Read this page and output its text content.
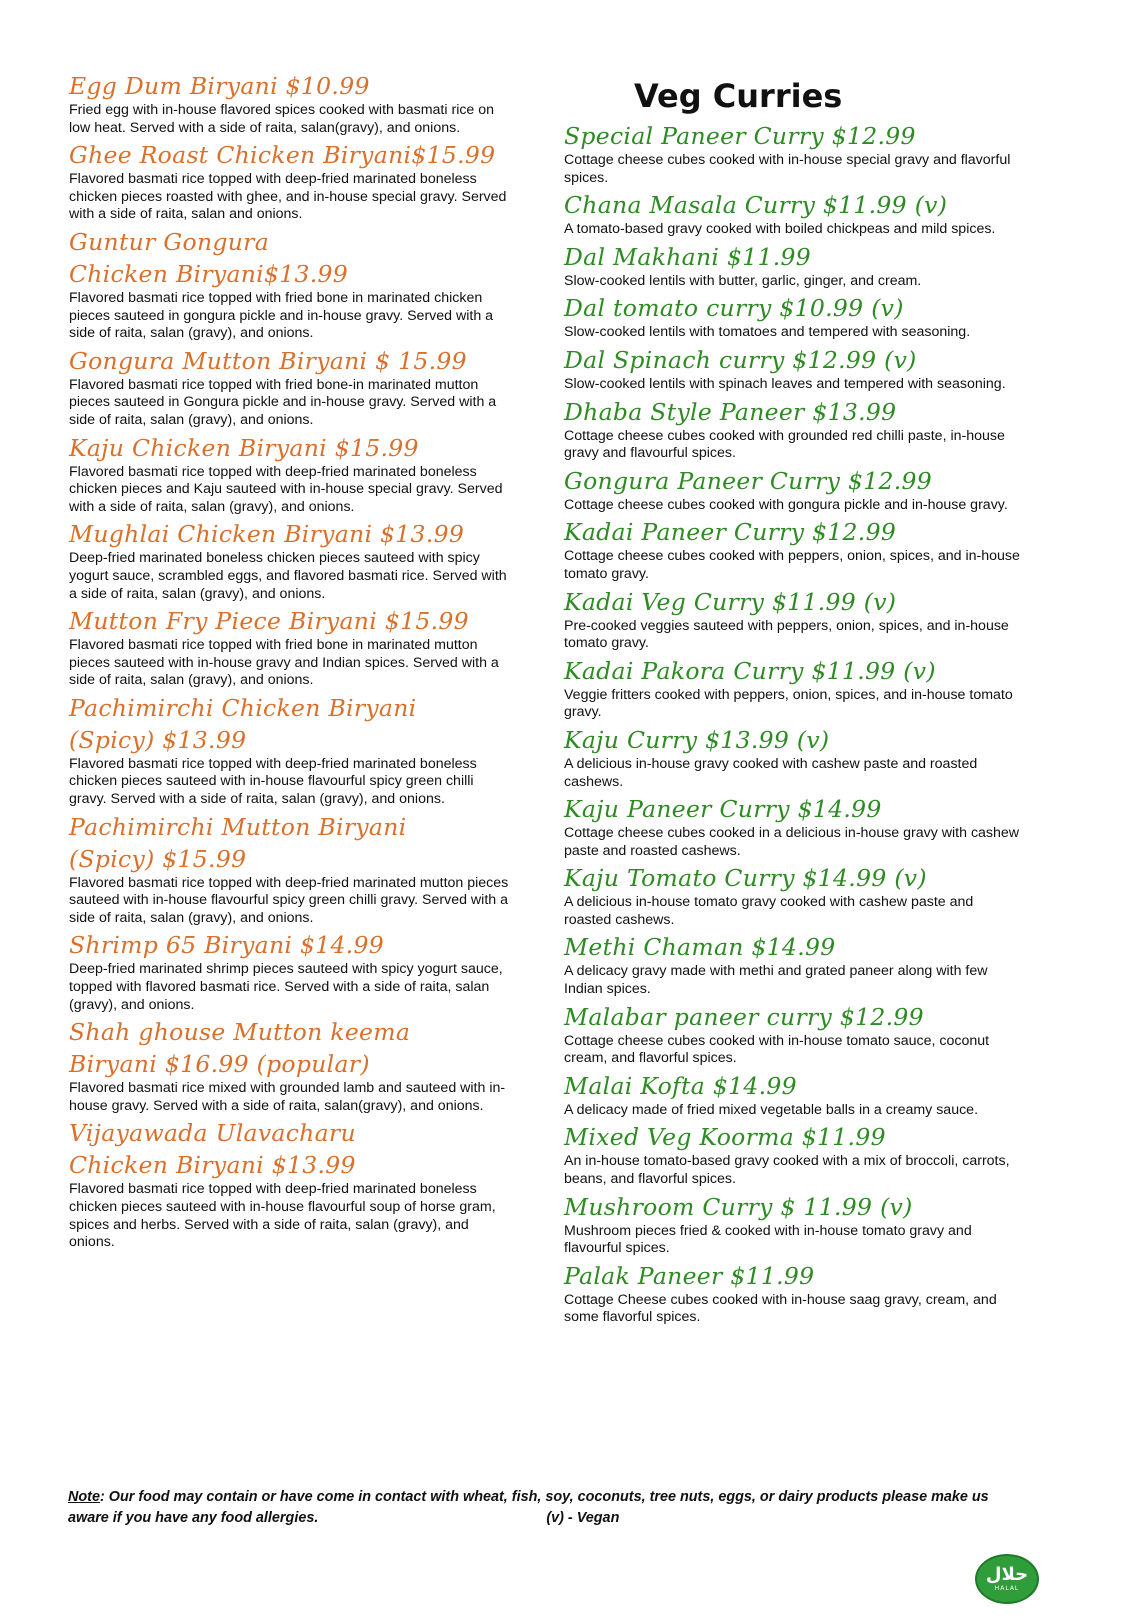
Egg Dum Biryani $10.99

Fried egg with in-house flavored spices cooked with basmati rice on low heat. Served with a side of raita, salan(gravy), and onions.

Ghee Roast Chicken Biryani$15.99

Flavored basmati rice topped with deep-fried marinated boneless chicken pieces roasted with ghee, and in-house special gravy. Served with a side of raita, salan and onions.

Guntur Gongura Chicken Biryani$13.99

Flavored basmati rice topped with fried bone in marinated chicken pieces sauteed in gongura pickle and in-house gravy. Served with a side of raita, salan (gravy), and onions.

Gongura Mutton Biryani $ 15.99

Flavored basmati rice topped with fried bone-in marinated mutton pieces sauteed in Gongura pickle and in-house gravy. Served with a side of raita, salan (gravy), and onions.

Kaju Chicken Biryani $15.99

Flavored basmati rice topped with deep-fried marinated boneless chicken pieces and Kaju sauteed with in-house special gravy. Served with a side of raita, salan (gravy), and onions.

Mughlai Chicken Biryani $13.99

Deep-fried marinated boneless chicken pieces sauteed with spicy yogurt sauce, scrambled eggs, and flavored basmati rice. Served with a side of raita, salan (gravy), and onions.

Mutton Fry Piece Biryani $15.99

Flavored basmati rice topped with fried bone in marinated mutton pieces sauteed with in-house gravy and Indian spices. Served with a side of raita, salan (gravy), and onions.

Pachimirchi Chicken Biryani (Spicy) $13.99

Flavored basmati rice topped with deep-fried marinated boneless chicken pieces sauteed with in-house flavourful spicy green chilli gravy. Served with a side of raita, salan (gravy), and onions.

Pachimirchi Mutton Biryani (Spicy) $15.99

Flavored basmati rice topped with deep-fried marinated mutton pieces sauteed with in-house flavourful spicy green chilli gravy. Served with a side of raita, salan (gravy), and onions.

Shrimp 65 Biryani $14.99

Deep-fried marinated shrimp pieces sauteed with spicy yogurt sauce, topped with flavored basmati rice. Served with a side of raita, salan (gravy), and onions.

Shah ghouse Mutton keema Biryani $16.99 (popular)

Flavored basmati rice mixed with grounded lamb and sauteed with in-house gravy. Served with a side of raita, salan(gravy), and onions.

Vijayawada Ulavacharu Chicken Biryani $13.99

Flavored basmati rice topped with deep-fried marinated boneless chicken pieces sauteed with in-house flavourful soup of horse gram, spices and herbs. Served with a side of raita, salan (gravy), and onions.

Veg Curries
Special Paneer Curry $12.99

Cottage cheese cubes cooked with in-house special gravy and flavorful spices.

Chana Masala Curry $11.99 (v)

A tomato-based gravy cooked with boiled chickpeas and mild spices.

Dal Makhani $11.99

Slow-cooked lentils with butter, garlic, ginger, and cream.

Dal tomato curry $10.99 (v)

Slow-cooked lentils with tomatoes and tempered with seasoning.

Dal Spinach curry $12.99 (v)

Slow-cooked lentils with spinach leaves and tempered with seasoning.

Dhaba Style Paneer $13.99

Cottage cheese cubes cooked with grounded red chilli paste, in-house gravy and flavourful spices.

Gongura Paneer Curry $12.99

Cottage cheese cubes cooked with gongura pickle and in-house gravy.

Kadai Paneer Curry $12.99

Cottage cheese cubes cooked with peppers, onion, spices, and in-house tomato gravy.

Kadai Veg Curry $11.99 (v)

Pre-cooked veggies sauteed with peppers, onion, spices, and in-house tomato gravy.

Kadai Pakora Curry $11.99 (v)

Veggie fritters cooked with peppers, onion, spices, and in-house tomato gravy.

Kaju Curry $13.99 (v)

A delicious in-house gravy cooked with cashew paste and roasted cashews.

Kaju Paneer Curry $14.99

Cottage cheese cubes cooked in a delicious in-house gravy with cashew paste and roasted cashews.

Kaju Tomato Curry $14.99 (v)

A delicious in-house tomato gravy cooked with cashew paste and roasted cashews.

Methi Chaman $14.99

A delicacy gravy made with methi and grated paneer along with few Indian spices.

Malabar paneer curry $12.99

Cottage cheese cubes cooked with in-house tomato sauce, coconut cream, and flavorful spices.

Malai Kofta $14.99

A delicacy made of fried mixed vegetable balls in a creamy sauce.

Mixed Veg Koorma $11.99

An in-house tomato-based gravy cooked with a mix of broccoli, carrots, beans, and flavorful spices.

Mushroom Curry $ 11.99 (v)

Mushroom pieces fried & cooked with in-house tomato gravy and flavourful spices.

Palak Paneer $11.99

Cottage Cheese cubes cooked with in-house saag gravy, cream, and some flavorful spices.

Note: Our food may contain or have come in contact with wheat, fish, soy, coconuts, tree nuts, eggs, or dairy products please make us aware if you have any food allergies.	(v) - Vegan
حلال
HALAL
